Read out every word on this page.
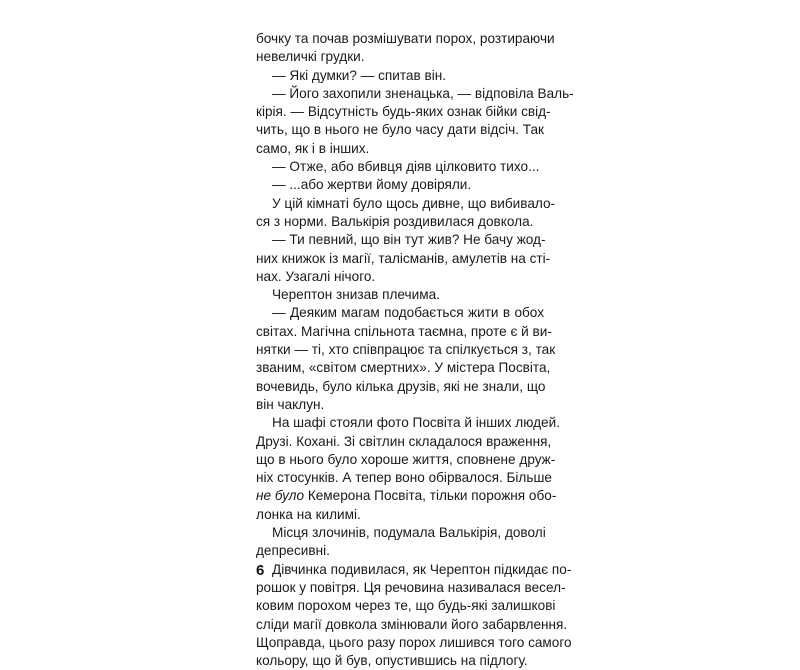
бочку та почав розмішувати порох, розтираючи
невеличкі грудки.
— Які думки? — спитав він.
— Його захопили зненацька, — відповіла Валь-
кірія. — Відсутність будь-яких ознак бійки свід-
чить, що в нього не було часу дати відсіч. Так
само, як і в інших.
— Отже, або вбивця діяв цілковито тихо...
— ...або жертви йому довіряли.
У цій кімнаті було щось дивне, що вибивало-
ся з норми. Валькірія роздивилася довкола.
— Ти певний, що він тут жив? Не бачу жод-
них книжок із магії, талісманів, амулетів на сті-
нах. Узагалі нічого.
Черептон знизав плечима.
— Деяким магам подобається жити в обох
світах. Магічна спільнота таємна, проте є й ви-
нятки — ті, хто співпрацює та спілкується з, так
званим, «світом смертних». У містера Посвіта,
вочевидь, було кілька друзів, які не знали, що
він чаклун.
На шафі стояли фото Посвіта й інших людей.
Друзі. Кохані. Зі світлин складалося враження,
що в нього було хороше життя, сповнене друж-
ніх стосунків. А тепер воно обірвалося. Більше
не було Кемерона Посвіта, тільки порожня обо-
лонка на килимі.
Місця злочинів, подумала Валькірія, доволі
депресивні.
Дівчинка подивилася, як Черептон підкидає по-
рошок у повітря. Ця речовина називалася весел-
ковим порохом через те, що будь-які залишкові
сліди магії довкола змінювали його забарвлення.
Щоправда, цього разу порох лишився того самого
кольору, що й був, опустившись на підлогу.
6
